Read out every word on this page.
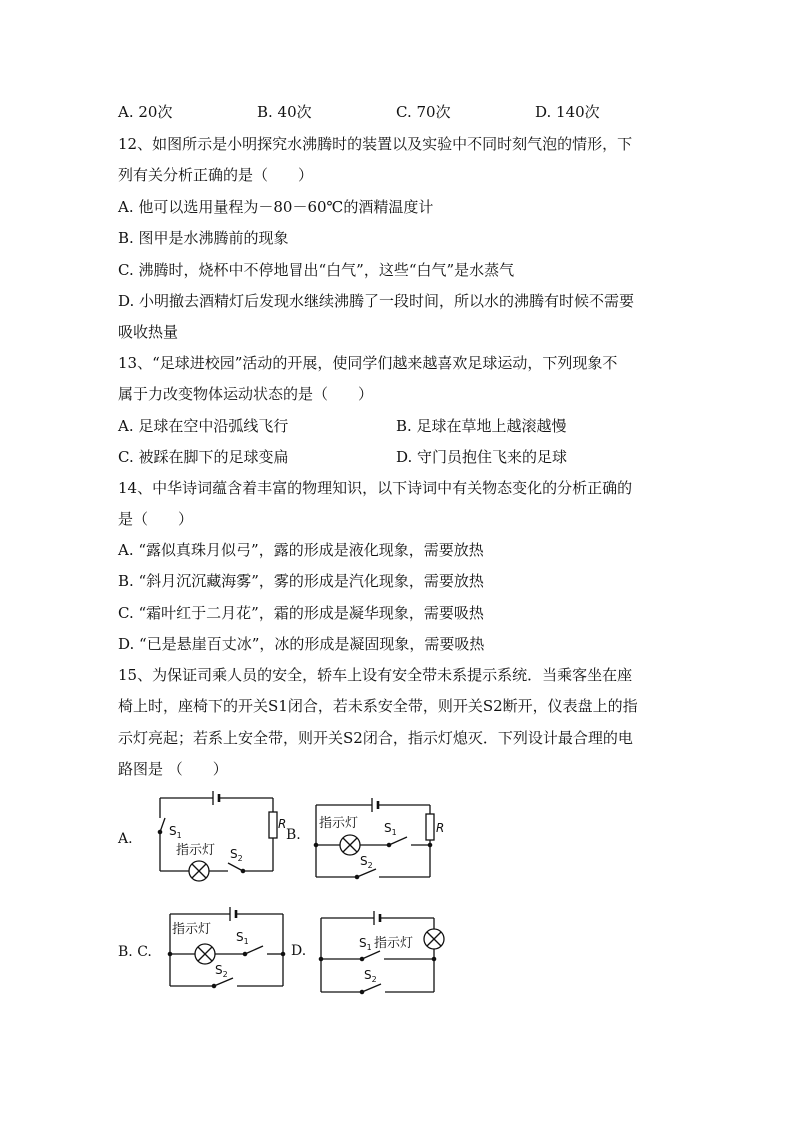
A. 20次	B. 40次	C. 70次	D. 140次
12、如图所示是小明探究水沸腾时的装置以及实验中不同时刻气泡的情形，下
列有关分析正确的是（　　）
A. 他可以选用量程为－80－60℃的酒精温度计
B. 图甲是水沸腾前的现象
C. 沸腾时，烧杯中不停地冒出“白气”，这些“白气”是水蒸气
D. 小明撤去酒精灯后发现水继续沸腾了一段时间，所以水的沸腾有时候不需要
吸收热量
13、“足球进校园”活动的开展，使同学们越来越喜欢足球运动，下列现象不
属于力改变物体运动状态的是（　　）
A. 足球在空中沿弧线飞行	B. 足球在草地上越滚越慢
C. 被踩在脚下的足球变扁	D. 守门员抱住飞来的足球
14、中华诗词蕴含着丰富的物理知识，以下诗词中有关物态变化的分析正确的
是（　　）
A. “露似真珠月似弓”，露的形成是液化现象，需要放热
B. “斜月沉沉藏海雾”，雾的形成是汽化现象，需要放热
C. “霜叶红于二月花”，霜的形成是凝华现象，需要吸热
D. “已是悬崖百丈冰”，冰的形成是凝固现象，需要吸热
15、为保证司乘人员的安全，轿车上设有安全带未系提示系统．当乘客坐在座
椅上时，座椅下的开关S1闭合，若未系安全带，则开关S2断开，仪表盘上的指
示灯亮起；若系上安全带，则开关S2闭合，指示灯熄灭．下列设计最合理的电
路图是 （　　）
A.	B.
B. C.	D.
R
$S_1$
指示灯 $S_2$
指示灯	R
$S_1$
$S_2$
指示灯 $S_1$
$S_2$
$S_1$ 指示灯
$S_2$
